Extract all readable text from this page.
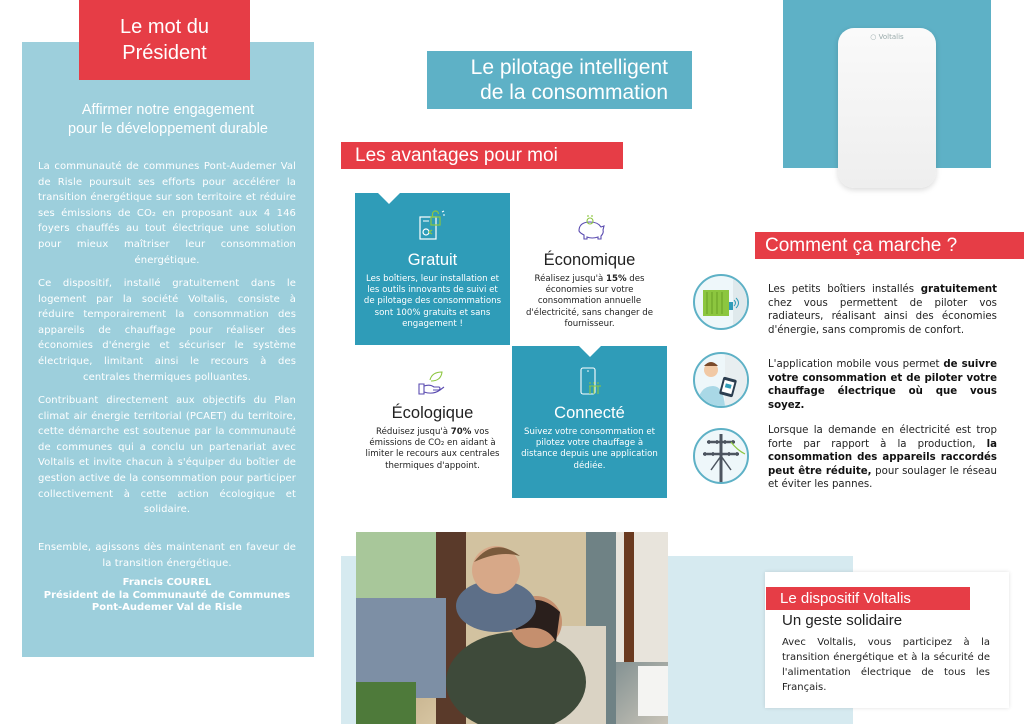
Le mot du
Président
Affirmer notre engagement
pour le développement durable
La communauté de communes Pont-Audemer Val de Risle poursuit ses efforts pour accélérer la transition énergétique sur son territoire et réduire ses émissions de CO₂ en proposant aux 4 146 foyers chauffés au tout électrique une solution pour mieux maîtriser leur consommation énergétique.
Ce dispositif, installé gratuitement dans le logement par la société Voltalis, consiste à réduire temporairement la consommation des appareils de chauffage pour réaliser des économies d'énergie et sécuriser le système électrique, limitant ainsi le recours à des centrales thermiques polluantes.
Contribuant directement aux objectifs du Plan climat air énergie territorial (PCAET) du territoire, cette démarche est soutenue par la communauté de communes qui a conclu un partenariat avec Voltalis et invite chacun à s'équiper du boîtier de gestion active de la consommation pour participer collectivement à cette action écologique et solidaire.
Ensemble, agissons dès maintenant en faveur de la transition énergétique.
Francis COUREL
Président de la Communauté de Communes
Pont-Audemer Val de Risle
Le pilotage intelligent
de la consommation
Les avantages pour moi
Gratuit
Les boîtiers, leur installation et les outils innovants de suivi et de pilotage des consommations sont 100% gratuits et sans engagement !
Économique
Réalisez jusqu'à 15% des économies sur votre consommation annuelle d'électricité, sans changer de fournisseur.
Écologique
Réduisez jusqu'à 70% vos émissions de CO₂ en aidant à limiter le recours aux centrales thermiques d'appoint.
Connecté
Suivez votre consommation et pilotez votre chauffage à distance depuis une application dédiée.
○ Voltalis
Comment ça marche ?
Les petits boîtiers installés gratuitement chez vous permettent de piloter vos radiateurs, réalisant ainsi des économies d'énergie, sans compromis de confort.
L'application mobile vous permet de suivre votre consommation et de piloter votre chauffage électrique où que vous soyez.
Lorsque la demande en électricité est trop forte par rapport à la production, la consommation des appareils raccordés peut être réduite, pour soulager le réseau et éviter les pannes.
Le dispositif Voltalis
Un geste solidaire
Avec Voltalis, vous participez à la transition énergétique et à la sécurité de l'alimentation électrique de tous les Français.
